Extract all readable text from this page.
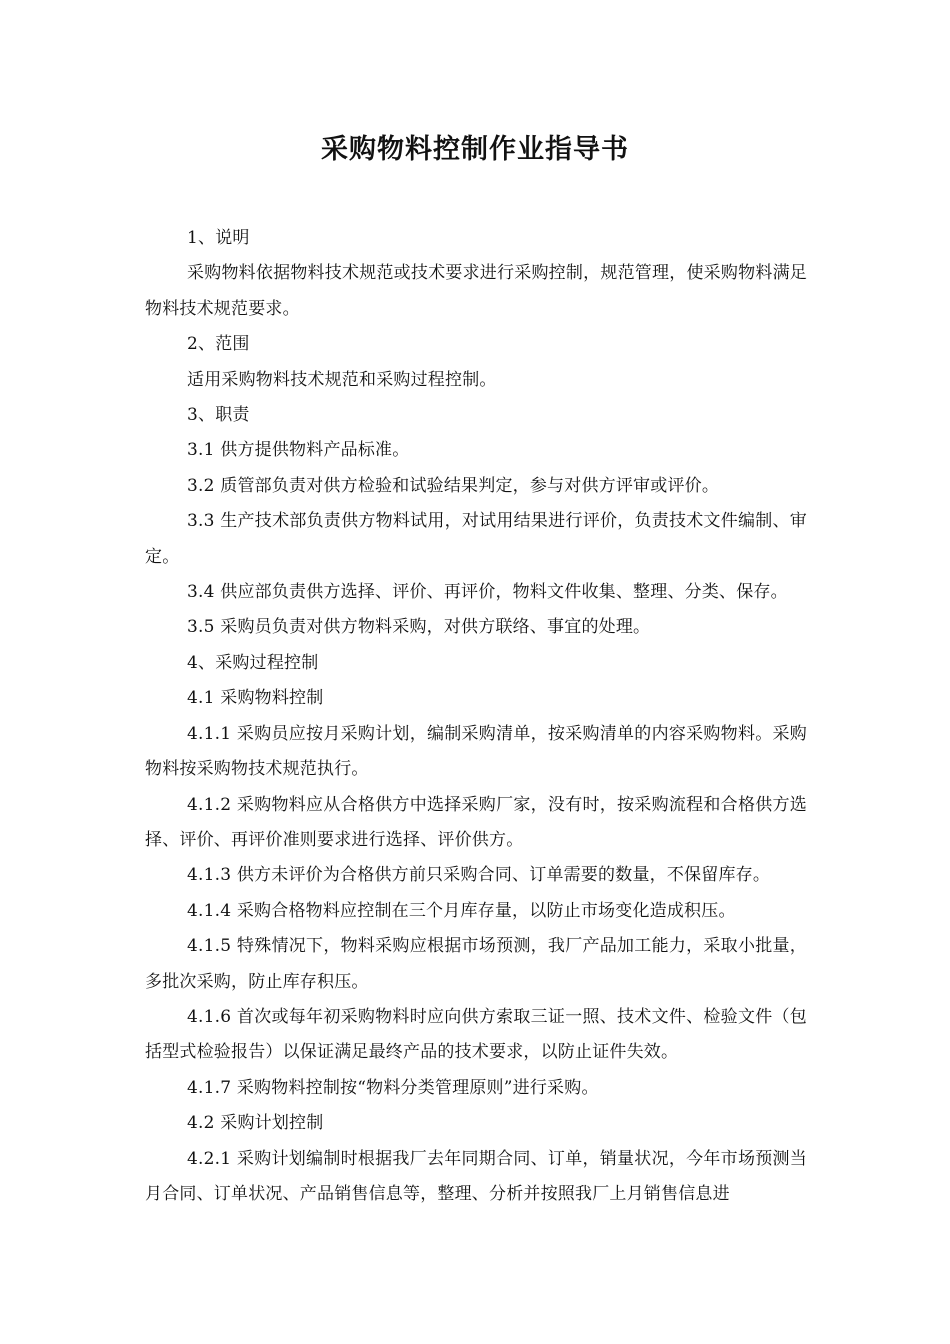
采购物料控制作业指导书

1、说明

采购物料依据物料技术规范或技术要求进行采购控制，规范管理，使采购物料满足物料技术规范要求。

2、范围

适用采购物料技术规范和采购过程控制。

3、职责

3.1 供方提供物料产品标准。

3.2 质管部负责对供方检验和试验结果判定，参与对供方评审或评价。

3.3 生产技术部负责供方物料试用，对试用结果进行评价，负责技术文件编制、审定。

3.4 供应部负责供方选择、评价、再评价，物料文件收集、整理、分类、保存。

3.5 采购员负责对供方物料采购，对供方联络、事宜的处理。

4、采购过程控制

4.1 采购物料控制

4.1.1 采购员应按月采购计划，编制采购清单，按采购清单的内容采购物料。采购物料按采购物技术规范执行。

4.1.2 采购物料应从合格供方中选择采购厂家，没有时，按采购流程和合格供方选择、评价、再评价准则要求进行选择、评价供方。

4.1.3 供方未评价为合格供方前只采购合同、订单需要的数量，不保留库存。

4.1.4 采购合格物料应控制在三个月库存量，以防止市场变化造成积压。

4.1.5 特殊情况下，物料采购应根据市场预测，我厂产品加工能力，采取小批量，多批次采购，防止库存积压。

4.1.6 首次或每年初采购物料时应向供方索取三证一照、技术文件、检验文件（包括型式检验报告）以保证满足最终产品的技术要求，以防止证件失效。

4.1.7 采购物料控制按“物料分类管理原则”进行采购。

4.2 采购计划控制

4.2.1 采购计划编制时根据我厂去年同期合同、订单，销量状况，今年市场预测当月合同、订单状况、产品销售信息等，整理、分析并按照我厂上月销售信息进
